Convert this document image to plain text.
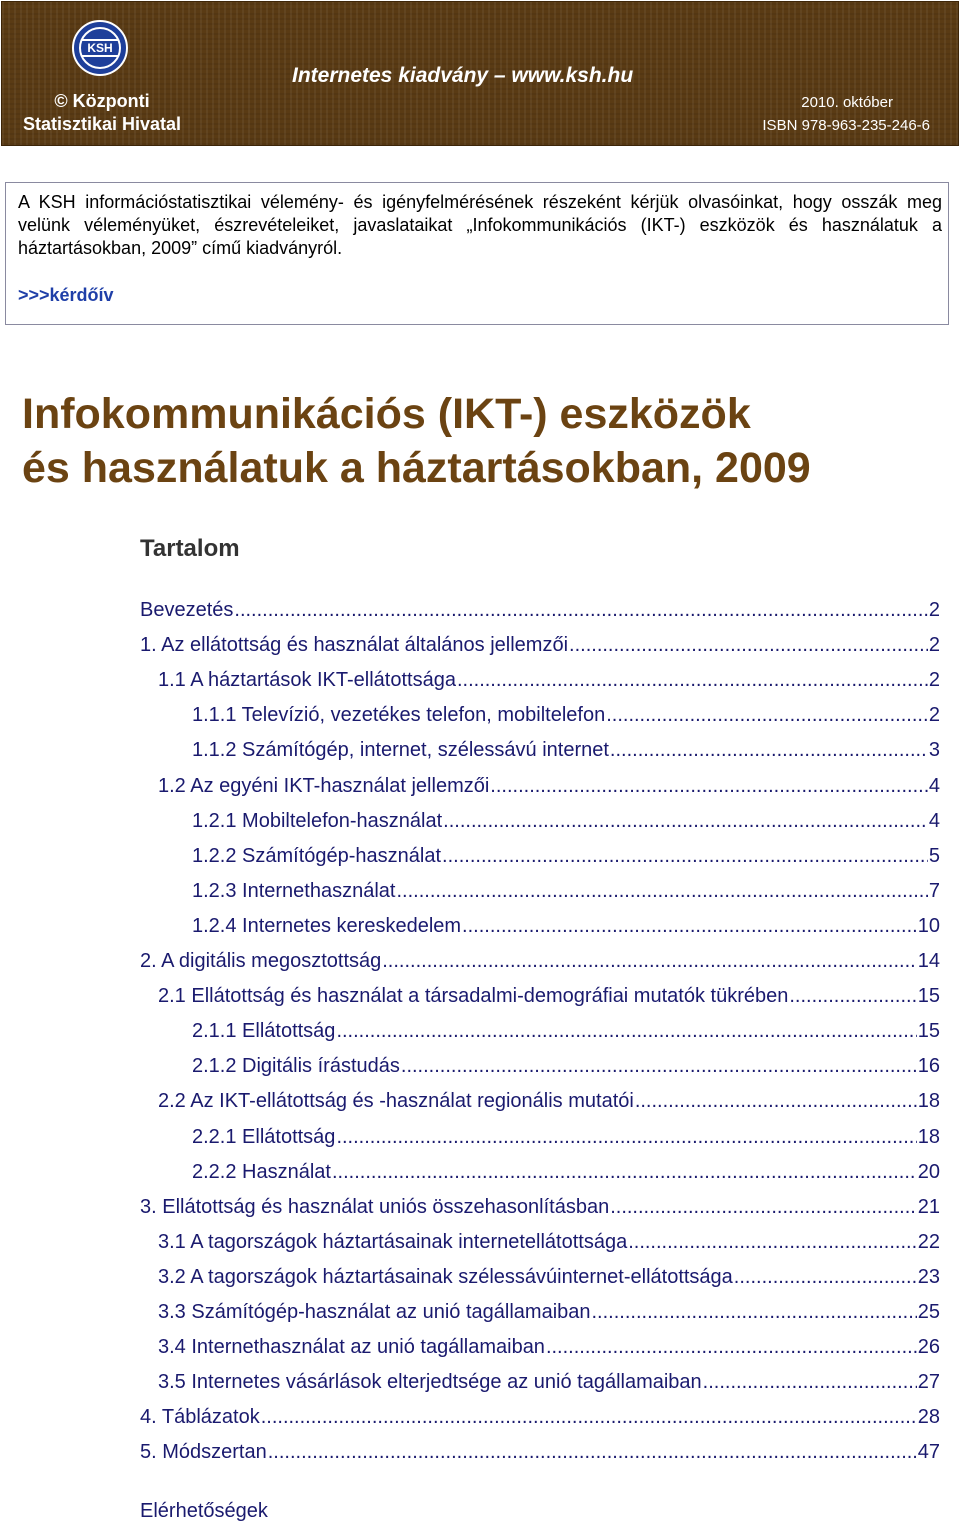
KSH
Internetes kiadvány – www.ksh.hu
© Központi
Statisztikai Hivatal
2010. október
ISBN 978-963-235-246-6
A KSH információstatisztikai vélemény- és igényfelmérésének részeként kérjük olvasóinkat, hogy osszák meg velünk véleményüket, észrevételeiket, javaslataikat „Infokommunikációs (IKT-) eszközök és használatuk a háztartásokban, 2009” című kiadványról.
>>>kérdőív
Infokommunikációs (IKT-) eszközök
és használatuk a háztartásokban, 2009
Tartalom
Bevezetés .....	2
1. Az ellátottság és használat általános jellemzői .....	2
1.1 A háztartások IKT-ellátottsága .....	2
1.1.1 Televízió, vezetékes telefon, mobiltelefon .....	2
1.1.2 Számítógép, internet, szélessávú internet .....	3
1.2 Az egyéni IKT-használat jellemzői .....	4
1.2.1 Mobiltelefon-használat .....	4
1.2.2 Számítógép-használat .....	5
1.2.3 Internethasználat .....	7
1.2.4 Internetes kereskedelem .....	10
2. A digitális megosztottság .....	14
2.1 Ellátottság és használat a társadalmi-demográfiai mutatók tükrében .....	15
2.1.1 Ellátottság .....	15
2.1.2 Digitális írástudás .....	16
2.2 Az IKT-ellátottság és -használat regionális mutatói .....	18
2.2.1 Ellátottság .....	18
2.2.2 Használat .....	20
3. Ellátottság és használat uniós összehasonlításban .....	21
3.1 A tagországok háztartásainak internetellátottsága .....	22
3.2 A tagországok háztartásainak szélessávúinternet-ellátottsága .....	23
3.3 Számítógép-használat az unió tagállamaiban .....	25
3.4 Internethasználat az unió tagállamaiban .....	26
3.5 Internetes vásárlások elterjedtsége az unió tagállamaiban .....	27
4. Táblázatok .....	28
5. Módszertan .....	47
Elérhetőségek
